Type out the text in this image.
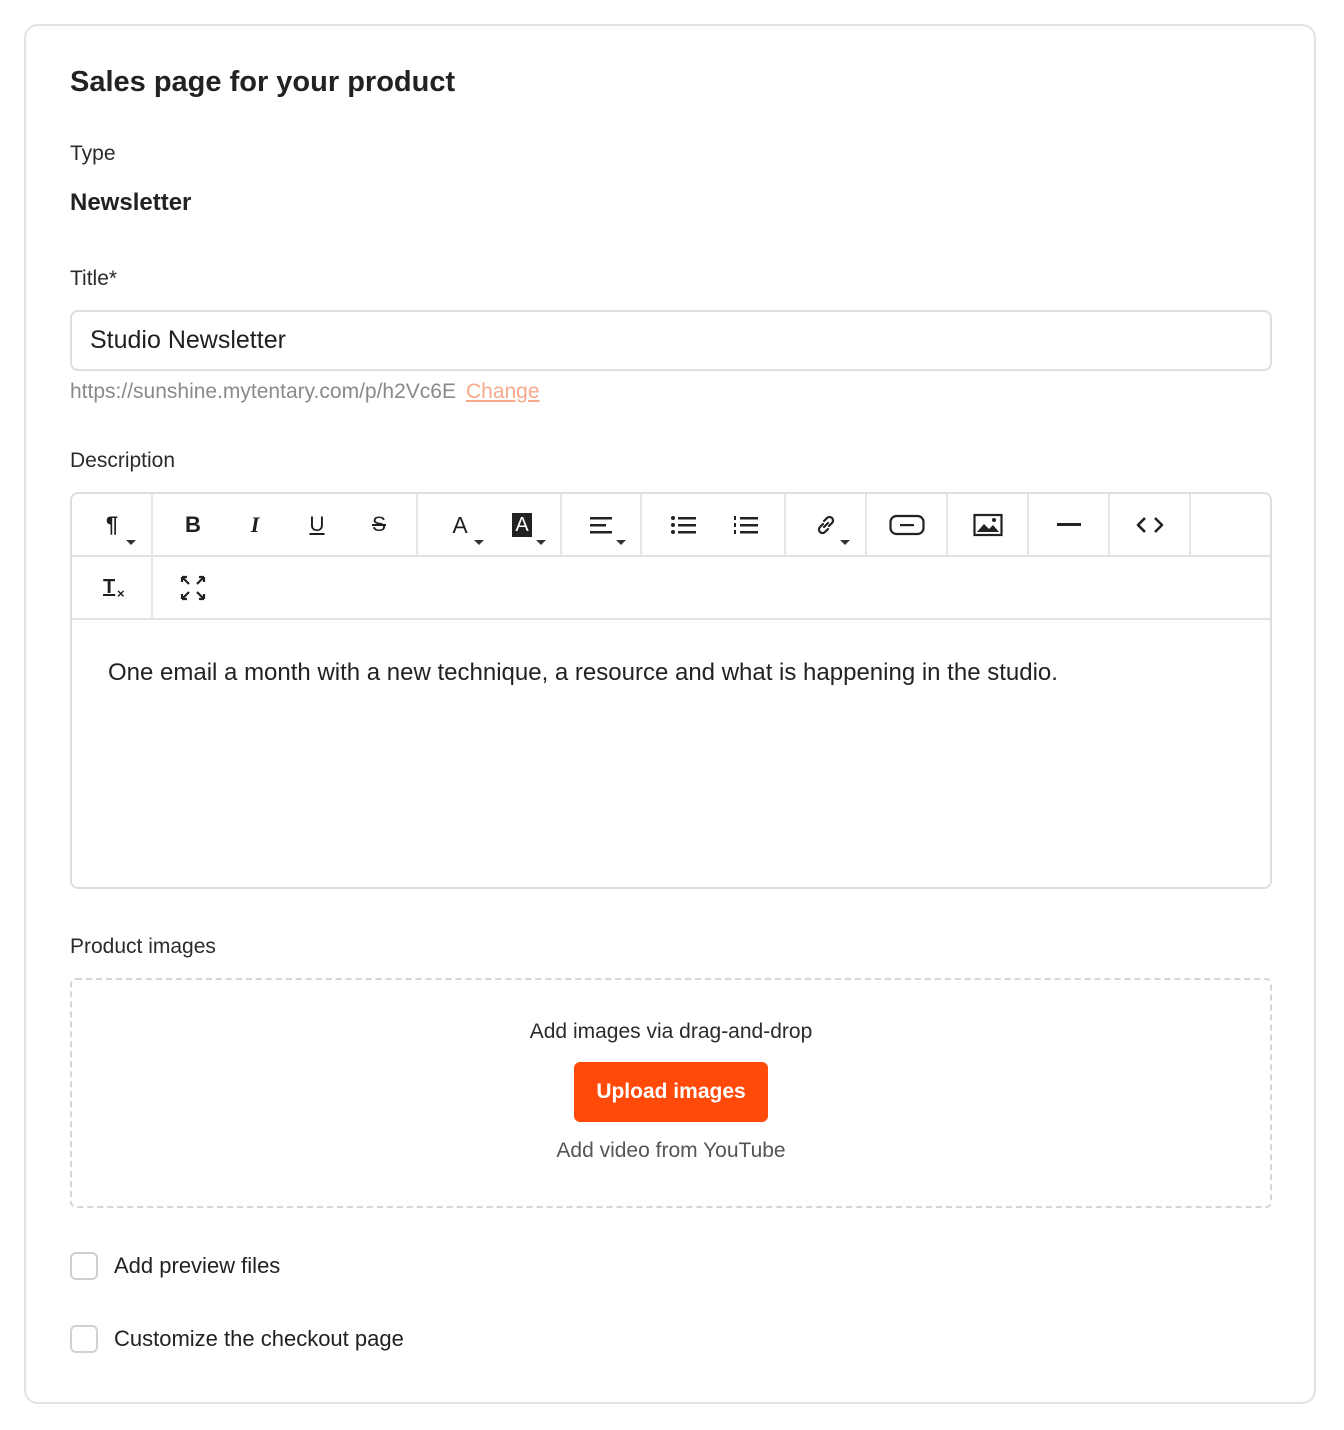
Sales page for your product
Type
Newsletter
Title*
Studio Newsletter
https://sunshine.mytentary.com/p/h2Vc6E Change
Description
¶	B I U S	A A
T ×
One email a month with a new technique, a resource and what is happening in the studio.
Product images
Add images via drag-and-drop
Upload images
Add video from YouTube
Add preview files
Customize the checkout page
